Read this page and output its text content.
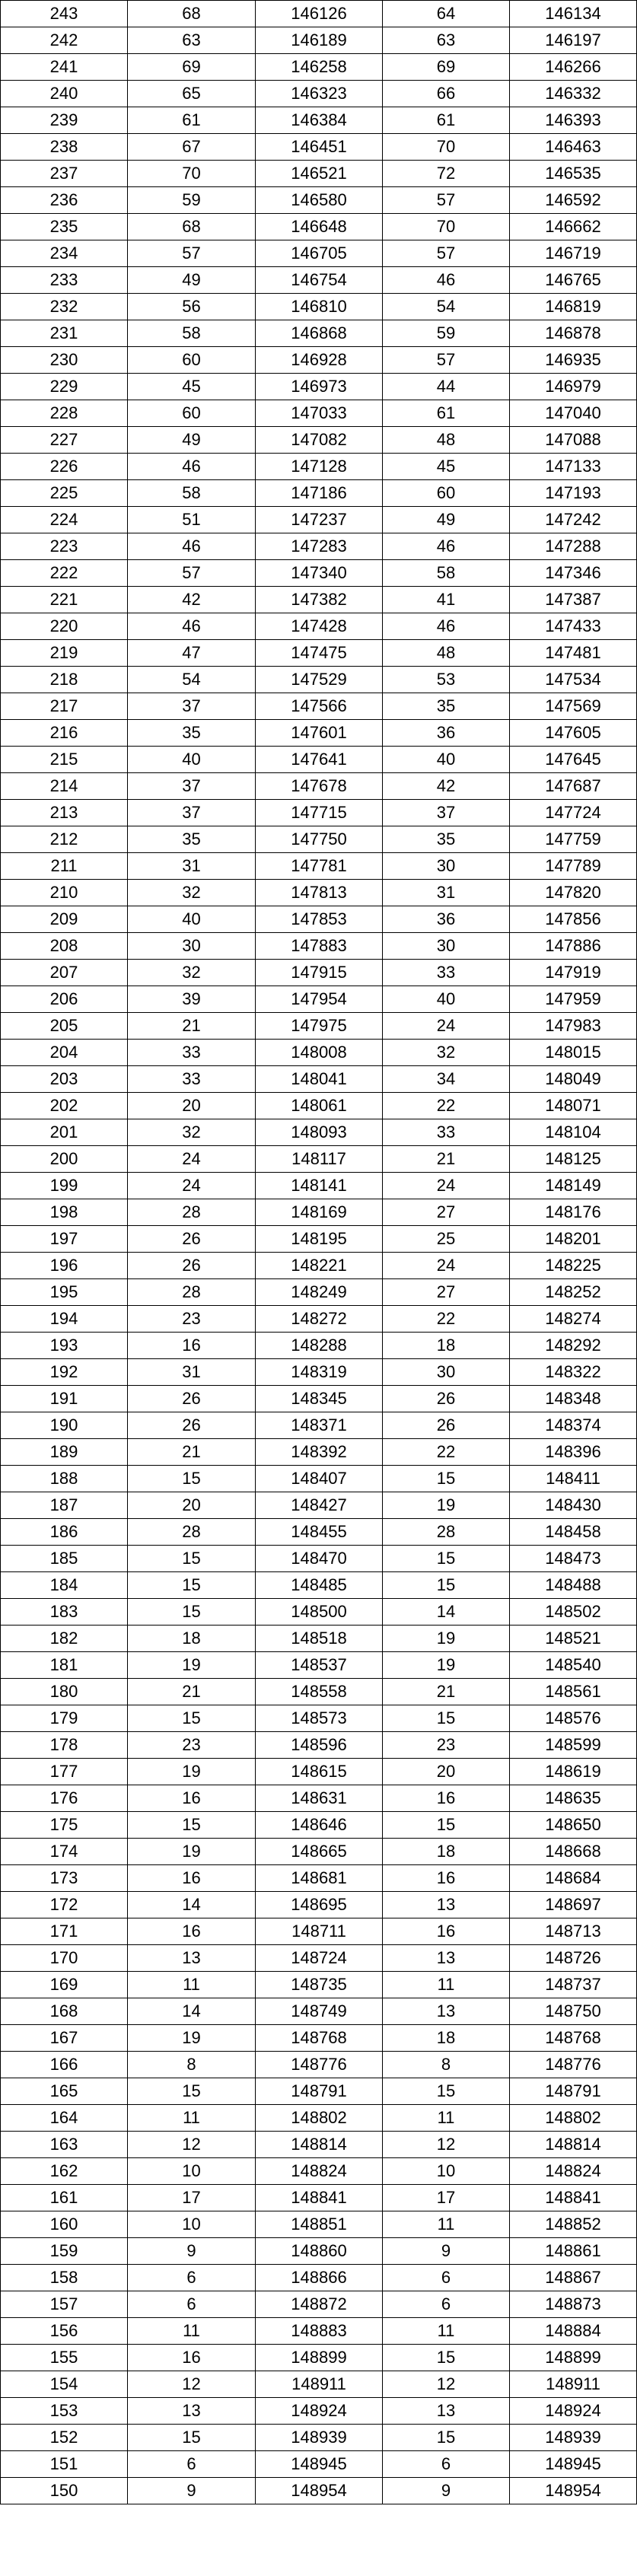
243	68	146126	64	146134
242	63	146189	63	146197
241	69	146258	69	146266
240	65	146323	66	146332
239	61	146384	61	146393
238	67	146451	70	146463
237	70	146521	72	146535
236	59	146580	57	146592
235	68	146648	70	146662
234	57	146705	57	146719
233	49	146754	46	146765
232	56	146810	54	146819
231	58	146868	59	146878
230	60	146928	57	146935
229	45	146973	44	146979
228	60	147033	61	147040
227	49	147082	48	147088
226	46	147128	45	147133
225	58	147186	60	147193
224	51	147237	49	147242
223	46	147283	46	147288
222	57	147340	58	147346
221	42	147382	41	147387
220	46	147428	46	147433
219	47	147475	48	147481
218	54	147529	53	147534
217	37	147566	35	147569
216	35	147601	36	147605
215	40	147641	40	147645
214	37	147678	42	147687
213	37	147715	37	147724
212	35	147750	35	147759
211	31	147781	30	147789
210	32	147813	31	147820
209	40	147853	36	147856
208	30	147883	30	147886
207	32	147915	33	147919
206	39	147954	40	147959
205	21	147975	24	147983
204	33	148008	32	148015
203	33	148041	34	148049
202	20	148061	22	148071
201	32	148093	33	148104
200	24	148117	21	148125
199	24	148141	24	148149
198	28	148169	27	148176
197	26	148195	25	148201
196	26	148221	24	148225
195	28	148249	27	148252
194	23	148272	22	148274
193	16	148288	18	148292
192	31	148319	30	148322
191	26	148345	26	148348
190	26	148371	26	148374
189	21	148392	22	148396
188	15	148407	15	148411
187	20	148427	19	148430
186	28	148455	28	148458
185	15	148470	15	148473
184	15	148485	15	148488
183	15	148500	14	148502
182	18	148518	19	148521
181	19	148537	19	148540
180	21	148558	21	148561
179	15	148573	15	148576
178	23	148596	23	148599
177	19	148615	20	148619
176	16	148631	16	148635
175	15	148646	15	148650
174	19	148665	18	148668
173	16	148681	16	148684
172	14	148695	13	148697
171	16	148711	16	148713
170	13	148724	13	148726
169	11	148735	11	148737
168	14	148749	13	148750
167	19	148768	18	148768
166	8	148776	8	148776
165	15	148791	15	148791
164	11	148802	11	148802
163	12	148814	12	148814
162	10	148824	10	148824
161	17	148841	17	148841
160	10	148851	11	148852
159	9	148860	9	148861
158	6	148866	6	148867
157	6	148872	6	148873
156	11	148883	11	148884
155	16	148899	15	148899
154	12	148911	12	148911
153	13	148924	13	148924
152	15	148939	15	148939
151	6	148945	6	148945
150	9	148954	9	148954
